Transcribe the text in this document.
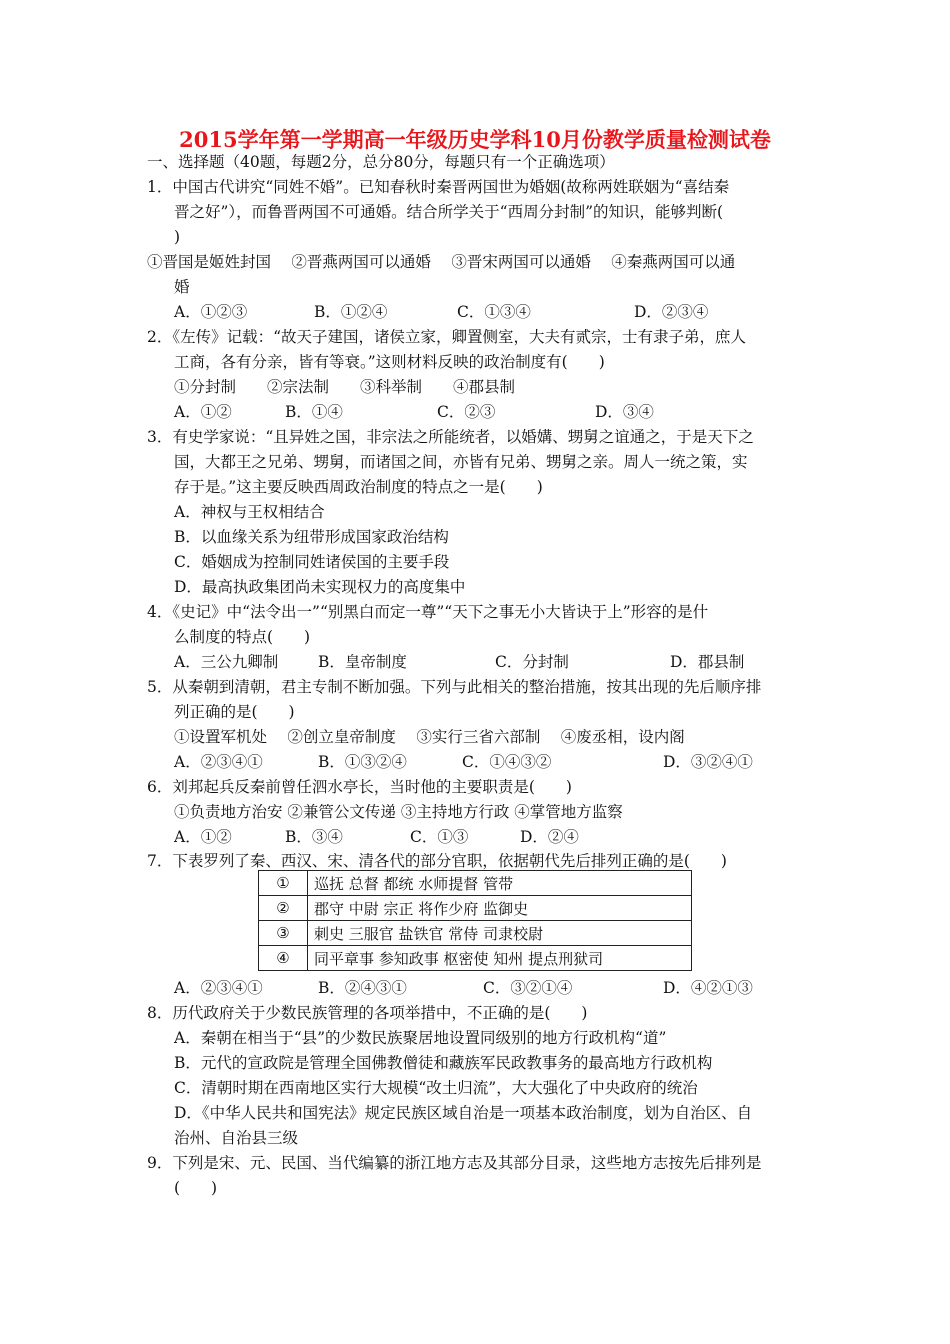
2015学年第一学期高一年级历史学科10月份教学质量检测试卷
一、选择题（40题，每题2分，总分80分，每题只有一个正确选项）
1．中国古代讲究“同姓不婚”。已知春秋时秦晋两国世为婚姻(故称两姓联姻为“喜结秦
晋之好”），而鲁晋两国不可通婚。结合所学关于“西周分封制”的知识，能够判断(
)
①晋国是姬姓封国　 ②晋燕两国可以通婚　 ③晋宋两国可以通婚　 ④秦燕两国可以通
婚
A．①②③	B．①②④	C．①③④	D．②③④
2．《左传》记载：“故天子建国，诸侯立家，卿置侧室，大夫有贰宗，士有隶子弟，庶人
工商，各有分亲，皆有等衰。”这则材料反映的政治制度有(　　)
①分封制　　②宗法制　　③科举制　　④郡县制
A．①②	B．①④	C．②③	D．③④
3．有史学家说：“且异姓之国，非宗法之所能统者，以婚媾、甥舅之谊通之，于是天下之
国，大都王之兄弟、甥舅，而诸国之间，亦皆有兄弟、甥舅之亲。周人一统之策，实
存于是。”这主要反映西周政治制度的特点之一是(　　)
A．神权与王权相结合
B．以血缘关系为纽带形成国家政治结构
C．婚姻成为控制同姓诸侯国的主要手段
D．最高执政集团尚未实现权力的高度集中
4．《史记》中“法令出一”“别黑白而定一尊”“天下之事无小大皆诀于上”形容的是什
么制度的特点(　　)
A．三公九卿制	B．皇帝制度	C．分封制	D．郡县制
5．从秦朝到清朝，君主专制不断加强。下列与此相关的整治措施，按其出现的先后顺序排
列正确的是(　　)
①设置军机处　 ②创立皇帝制度　 ③实行三省六部制　 ④废丞相，设内阁
A．②③④①	B．①③②④	C．①④③②	D．③②④①
6．刘邦起兵反秦前曾任泗水亭长，当时他的主要职责是(　　)
①负责地方治安 ②兼管公文传递 ③主持地方行政 ④掌管地方监察
A．①②	B．③④	C．①③	D．②④
7．下表罗列了秦、西汉、宋、清各代的部分官职，依据朝代先后排列正确的是(　　)
①	巡抚 总督 都统 水师提督 管带
②	郡守 中尉 宗正 将作少府 监御史
③	刺史 三服官 盐铁官 常侍 司隶校尉
④	同平章事 参知政事 枢密使 知州 提点刑狱司
A．②③④①	B．②④③①	C．③②①④	D．④②①③
8．历代政府关于少数民族管理的各项举措中，不正确的是(　　)
A．秦朝在相当于“县”的少数民族聚居地设置同级别的地方行政机构“道”
B．元代的宣政院是管理全国佛教僧徒和藏族军民政教事务的最高地方行政机构
C．清朝时期在西南地区实行大规模“改土归流”，大大强化了中央政府的统治
D．《中华人民共和国宪法》规定民族区域自治是一项基本政治制度，划为自治区、自
治州、自治县三级
9．下列是宋、元、民国、当代编纂的浙江地方志及其部分目录，这些地方志按先后排列是
(　　)
